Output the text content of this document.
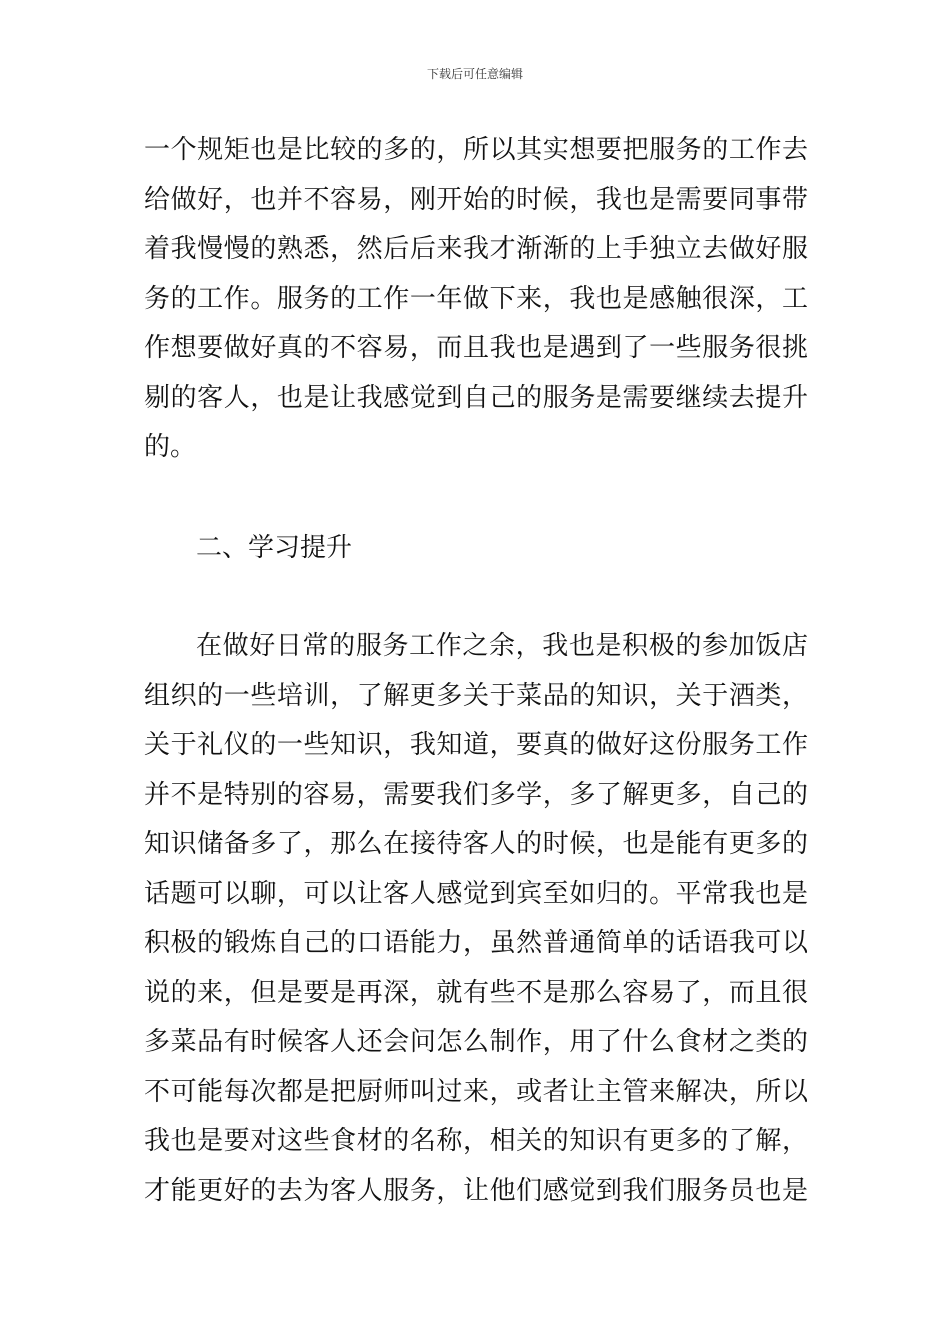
下载后可任意编辑
一个规矩也是比较的多的，所以其实想要把服务的工作去
给做好，也并不容易，刚开始的时候，我也是需要同事带
着我慢慢的熟悉，然后后来我才渐渐的上手独立去做好服
务的工作。服务的工作一年做下来，我也是感触很深，工
作想要做好真的不容易，而且我也是遇到了一些服务很挑
剔的客人，也是让我感觉到自己的服务是需要继续去提升
的。
二、学习提升
在做好日常的服务工作之余，我也是积极的参加饭店
组织的一些培训，了解更多关于菜品的知识，关于酒类，
关于礼仪的一些知识，我知道，要真的做好这份服务工作
并不是特别的容易，需要我们多学，多了解更多，自己的
知识储备多了，那么在接待客人的时候，也是能有更多的
话题可以聊，可以让客人感觉到宾至如归的。平常我也是
积极的锻炼自己的口语能力，虽然普通简单的话语我可以
说的来，但是要是再深，就有些不是那么容易了，而且很
多菜品有时候客人还会问怎么制作，用了什么食材之类的
不可能每次都是把厨师叫过来，或者让主管来解决，所以
我也是要对这些食材的名称，相关的知识有更多的了解，
才能更好的去为客人服务，让他们感觉到我们服务员也是
